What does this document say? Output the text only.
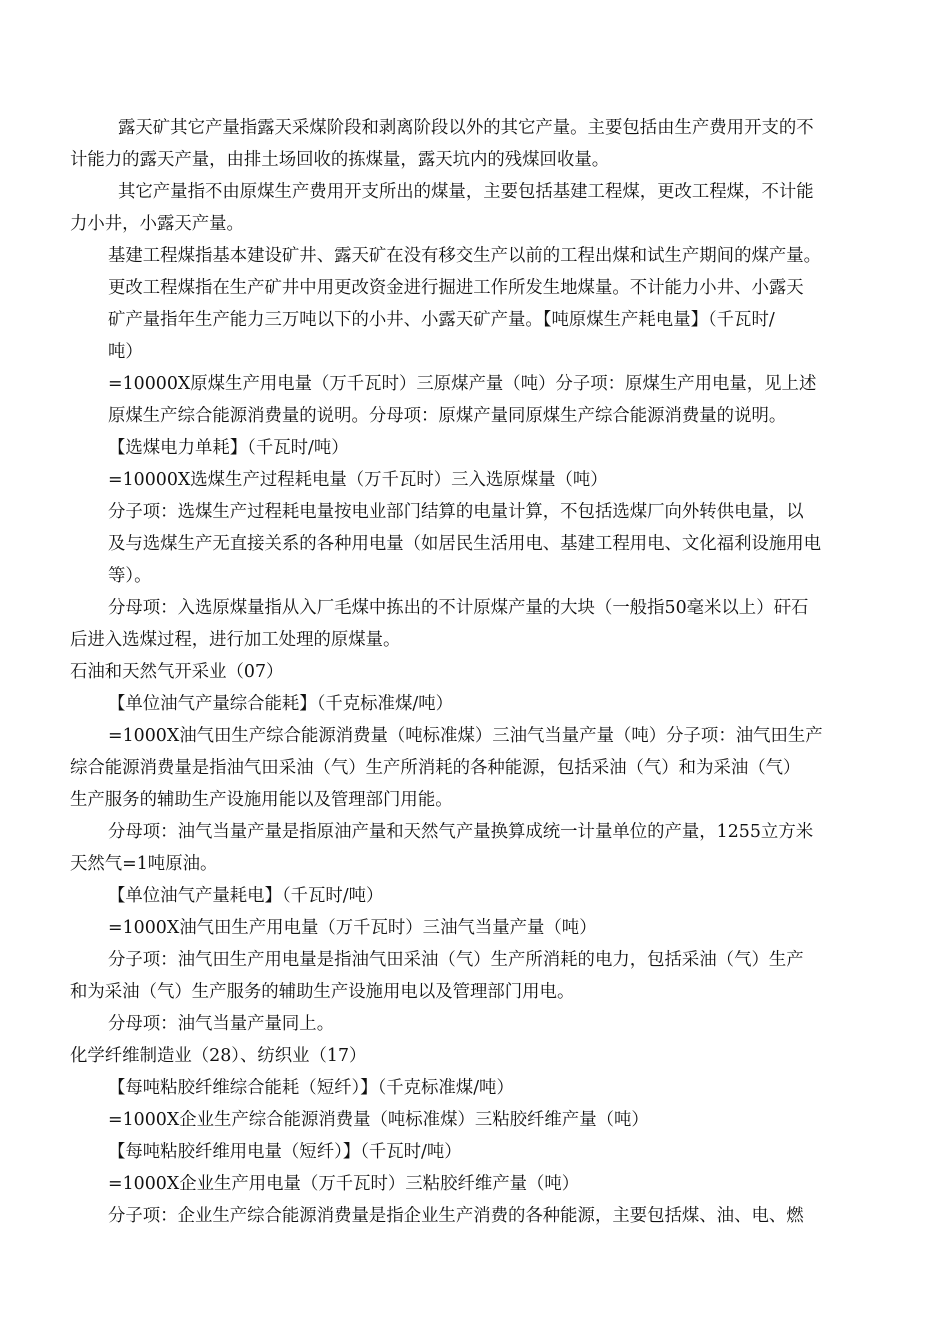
露天矿其它产量指露天采煤阶段和剥离阶段以外的其它产量。主要包括由生产费用开支的不
计能力的露天产量，由排土场回收的拣煤量，露天坑内的残煤回收量。
其它产量指不由原煤生产费用开支所出的煤量，主要包括基建工程煤，更改工程煤，不计能
力小井，小露天产量。
基建工程煤指基本建设矿井、露天矿在没有移交生产以前的工程出煤和试生产期间的煤产量。
更改工程煤指在生产矿井中用更改资金进行掘进工作所发生地煤量。不计能力小井、小露天
矿产量指年生产能力三万吨以下的小井、小露天矿产量。【吨原煤生产耗电量】（千瓦时/
吨）
=10000X原煤生产用电量（万千瓦时）三原煤产量（吨）分子项：原煤生产用电量，见上述
原煤生产综合能源消费量的说明。分母项：原煤产量同原煤生产综合能源消费量的说明。
【选煤电力单耗】（千瓦时/吨）
=10000X选煤生产过程耗电量（万千瓦时）三入选原煤量（吨）
分子项：选煤生产过程耗电量按电业部门结算的电量计算，不包括选煤厂向外转供电量，以
及与选煤生产无直接关系的各种用电量（如居民生活用电、基建工程用电、文化福利设施用电
等）。
分母项：入选原煤量指从入厂毛煤中拣出的不计原煤产量的大块（一般指50毫米以上）矸石
后进入选煤过程，进行加工处理的原煤量。
石油和天然气开采业（07）
【单位油气产量综合能耗】（千克标准煤/吨）
=1000X油气田生产综合能源消费量（吨标准煤）三油气当量产量（吨）分子项：油气田生产
综合能源消费量是指油气田采油（气）生产所消耗的各种能源，包括采油（气）和为采油（气）
生产服务的辅助生产设施用能以及管理部门用能。
分母项：油气当量产量是指原油产量和天然气产量换算成统一计量单位的产量，1255立方米
天然气=1吨原油。
【单位油气产量耗电】（千瓦时/吨）
=1000X油气田生产用电量（万千瓦时）三油气当量产量（吨）
分子项：油气田生产用电量是指油气田采油（气）生产所消耗的电力，包括采油（气）生产
和为采油（气）生产服务的辅助生产设施用电以及管理部门用电。
分母项：油气当量产量同上。
化学纤维制造业（28）、纺织业（17）
【每吨粘胶纤维综合能耗（短纤）】（千克标准煤/吨）
=1000X企业生产综合能源消费量（吨标准煤）三粘胶纤维产量（吨）
【每吨粘胶纤维用电量（短纤）】（千瓦时/吨）
=1000X企业生产用电量（万千瓦时）三粘胶纤维产量（吨）
分子项：企业生产综合能源消费量是指企业生产消费的各种能源，主要包括煤、油、电、燃
